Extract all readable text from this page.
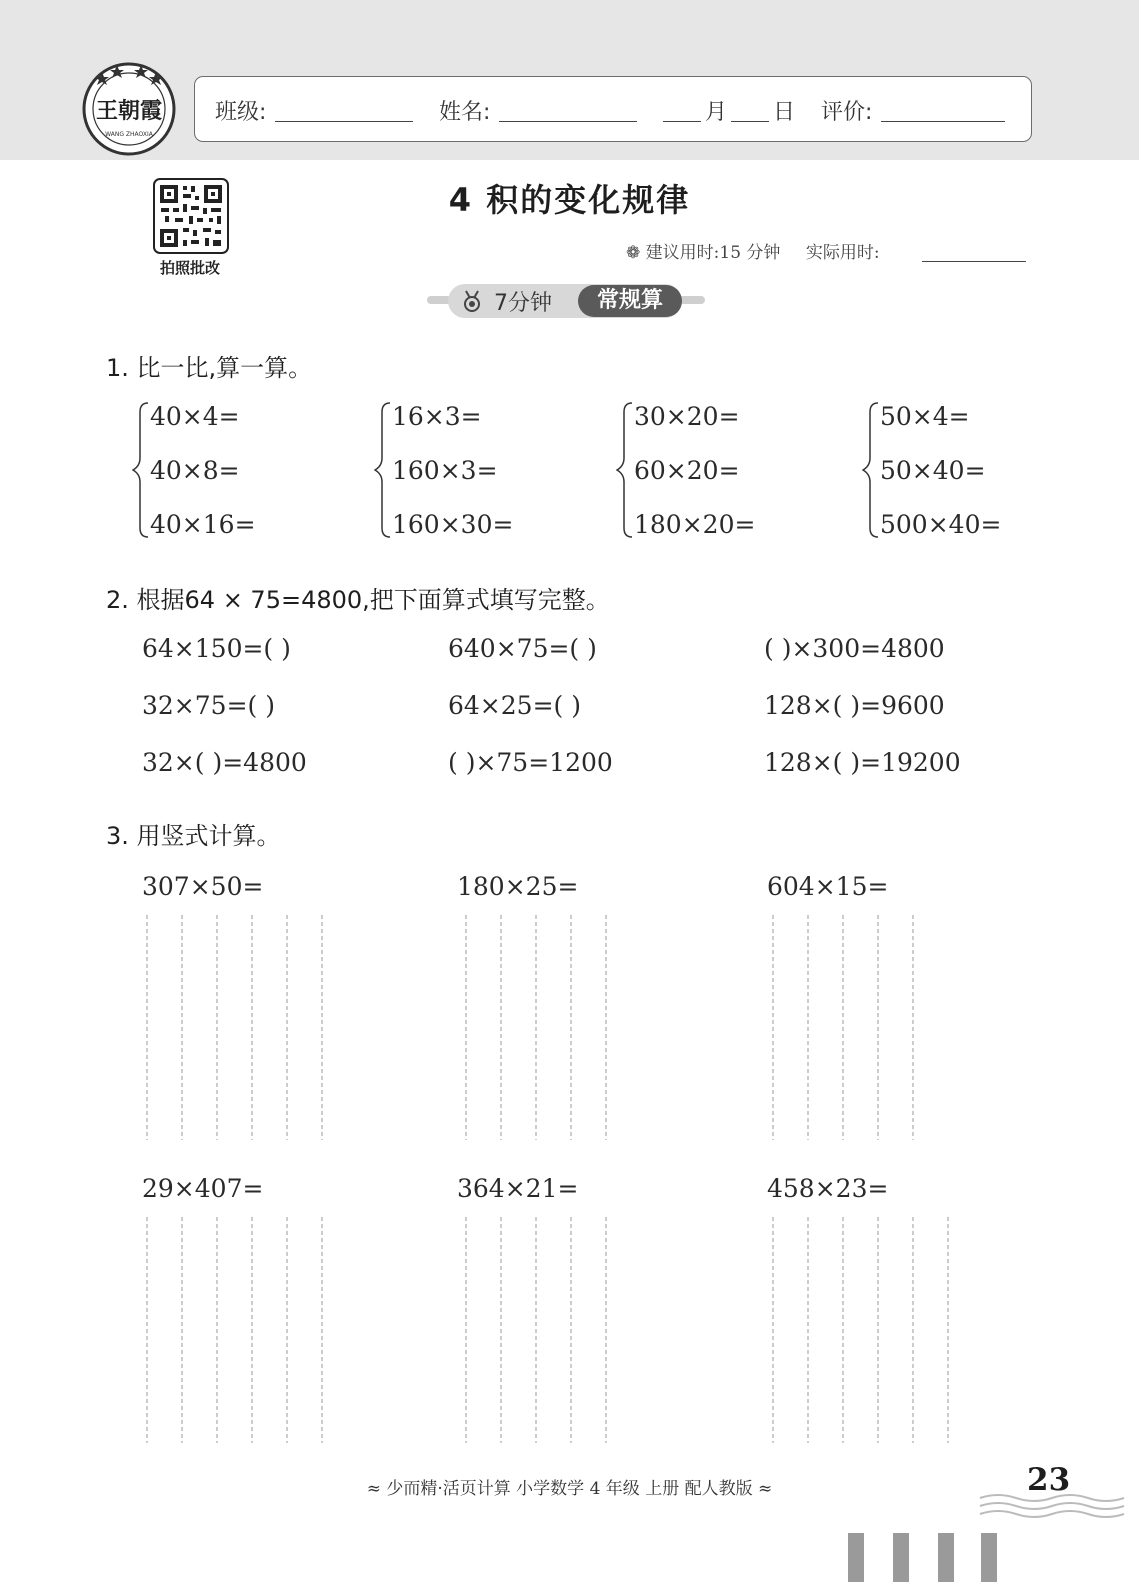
王朝霞
WANG ZHAOXIA
班级:	姓名:	月 日 评价:
拍照批改
4 积的变化规律
❁ 建议用时:15 分钟 实际用时:
7分钟	常规算
1. 比一比,算一算。
40×4=
40×8=
40×16=
16×3=
160×3=
160×30=
30×20=
60×20=
180×20=
50×4=
50×40=
500×40=
2. 根据64 × 75=4800,把下面算式填写完整。
64×150=( )	640×75=( )	( )×300=4800
32×75=( )	64×25=( )	128×( )=9600
32×( )=4800	( )×75=1200	128×( )=19200
3. 用竖式计算。
307×50=	180×25=	604×15=
29×407=	364×21=	458×23=
≈ 少而精·活页计算 小学数学 4 年级 上册 配人教版 ≈	23
